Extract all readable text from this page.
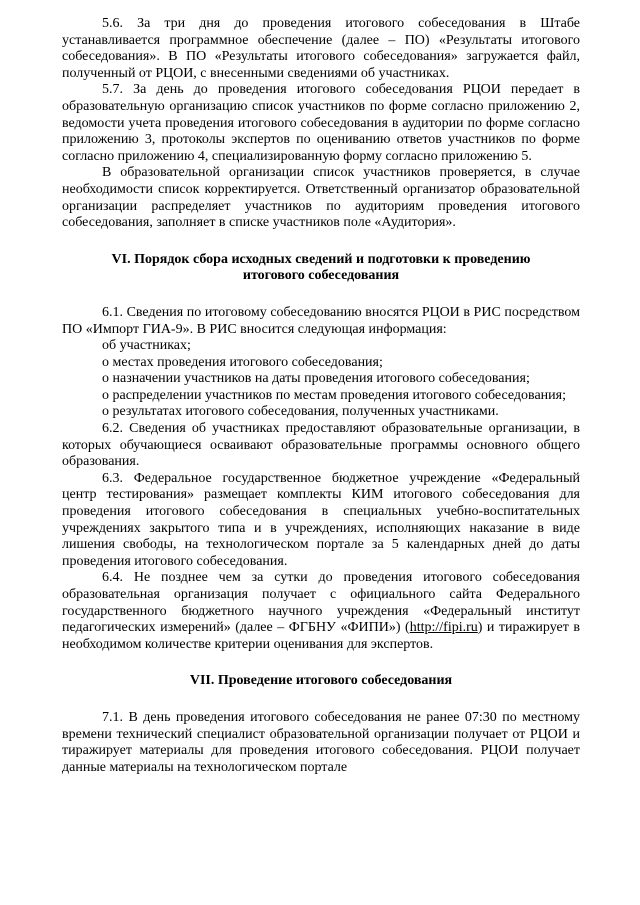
5.6. За три дня до проведения итогового собеседования в Штабе устанавливается программное обеспечение (далее – ПО) «Результаты итогового собеседования». В ПО «Результаты итогового собеседования» загружается файл, полученный от РЦОИ, с внесенными сведениями об участниках.

5.7. За день до проведения итогового собеседования РЦОИ передает в образовательную организацию список участников по форме согласно приложению 2, ведомости учета проведения итогового собеседования в аудитории по форме согласно приложению 3, протоколы экспертов по оцениванию ответов участников по форме согласно приложению 4, специализированную форму согласно приложению 5.

В образовательной организации список участников проверяется, в случае необходимости список корректируется. Ответственный организатор образовательной организации распределяет участников по аудиториям проведения итогового собеседования, заполняет в списке участников поле «Аудитория».

VI. Порядок сбора исходных сведений и подготовки к проведению итогового собеседования

6.1. Сведения по итоговому собеседованию вносятся РЦОИ в РИС посредством ПО «Импорт ГИА-9». В РИС вносится следующая информация:

об участниках;

о местах проведения итогового собеседования;

о назначении участников на даты проведения итогового собеседования;

о распределении участников по местам проведения итогового собеседования;

о результатах итогового собеседования, полученных участниками.

6.2. Сведения об участниках предоставляют образовательные организации, в которых обучающиеся осваивают образовательные программы основного общего образования.

6.3. Федеральное государственное бюджетное учреждение «Федеральный центр тестирования» размещает комплекты КИМ итогового собеседования для проведения итогового собеседования в специальных учебно-воспитательных учреждениях закрытого типа и в учреждениях, исполняющих наказание в виде лишения свободы, на технологическом портале за 5 календарных дней до даты проведения итогового собеседования.

6.4. Не позднее чем за сутки до проведения итогового собеседования образовательная организация получает с официального сайта Федерального государственного бюджетного научного учреждения «Федеральный институт педагогических измерений» (далее – ФГБНУ «ФИПИ») (http://fipi.ru) и тиражирует в необходимом количестве критерии оценивания для экспертов.

VII. Проведение итогового собеседования

7.1. В день проведения итогового собеседования не ранее 07:30 по местному времени технический специалист образовательной организации получает от РЦОИ и тиражирует материалы для проведения итогового собеседования. РЦОИ получает данные материалы на технологическом портале
